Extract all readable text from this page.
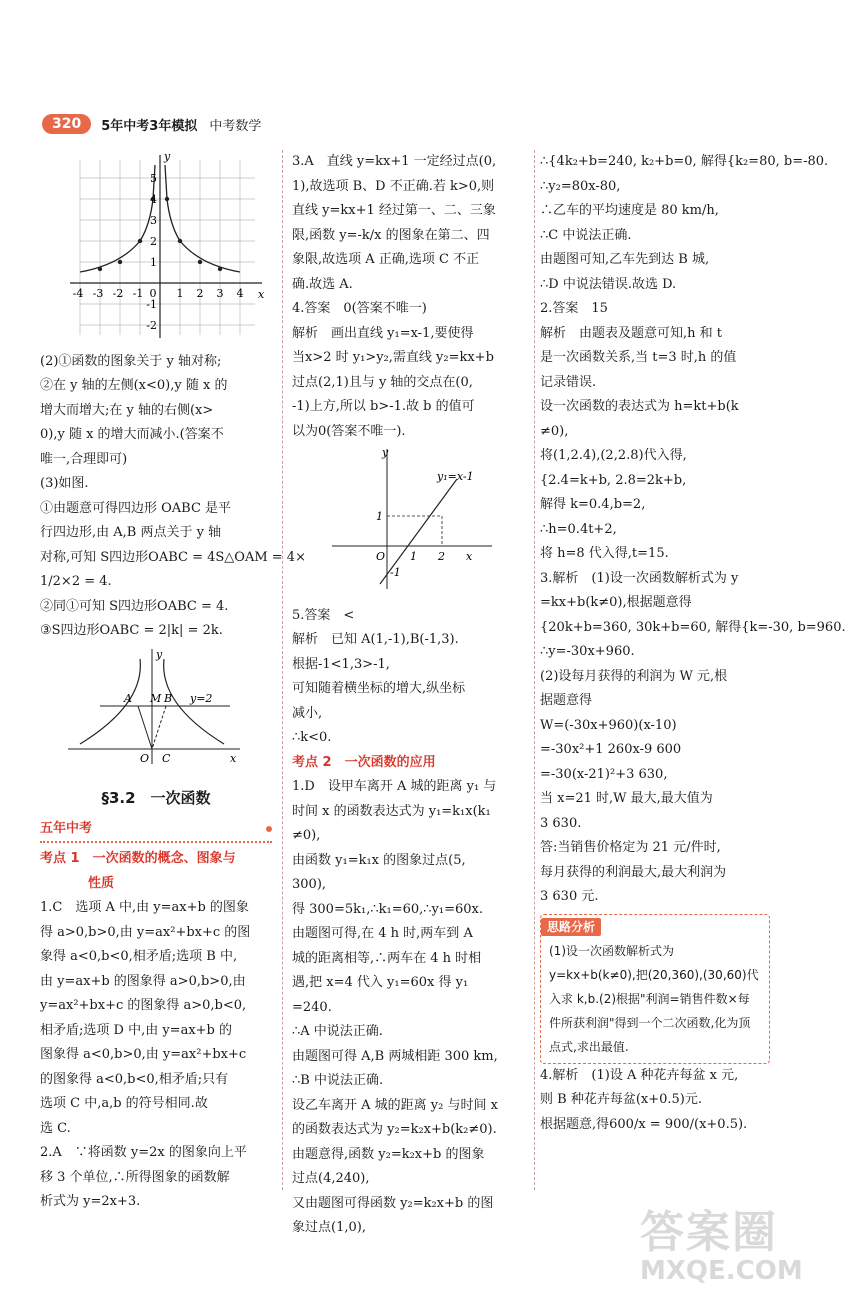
320	5年中考3年模拟 中考数学
y
x
-4 -3 -2 -1 0 1 2 3 4
5
4
3
2
1
-1
-2
(2)①函数的图象关于 y 轴对称;
②在 y 轴的左侧(x<0),y 随 x 的
增大而增大;在 y 轴的右侧(x>
0),y 随 x 的增大而减小.(答案不
唯一,合理即可)
(3)如图.
①由题意可得四边形 OABC 是平
行四边形,由 A,B 两点关于 y 轴
对称,可知 S四边形OABC = 4S△OAM = 4×
1/2×2 = 4.
②同①可知 S四边形OABC = 4.
③S四边形OABC = 2|k| = 2k.
y
A M B y=2
O C	x
§3.2　一次函数
五年中考
考点 1　一次函数的概念、图象与
性质
1.C　选项 A 中,由 y=ax+b 的图象
得 a>0,b>0,由 y=ax²+bx+c 的图
象得 a<0,b<0,相矛盾;选项 B 中,
由 y=ax+b 的图象得 a>0,b>0,由
y=ax²+bx+c 的图象得 a>0,b<0,
相矛盾;选项 D 中,由 y=ax+b 的
图象得 a<0,b>0,由 y=ax²+bx+c
的图象得 a<0,b<0,相矛盾;只有
选项 C 中,a,b 的符号相同.故
选 C.
2.A　∵将函数 y=2x 的图象向上平
移 3 个单位,∴所得图象的函数解
析式为 y=2x+3.
3.A　直线 y=kx+1 一定经过点(0,
1),故选项 B、D 不正确.若 k>0,则
直线 y=kx+1 经过第一、二、三象
限,函数 y=-k/x 的图象在第二、四
象限,故选项 A 正确,选项 C 不正
确.故选 A.
4.答案　0(答案不唯一)
解析　画出直线 y₁=x-1,要使得
当x>2 时 y₁>y₂,需直线 y₂=kx+b
过点(2,1)且与 y 轴的交点在(0,
-1)上方,所以 b>-1.故 b 的值可
以为0(答案不唯一).
y
y₁=x-1
1
O 1 2 x
-1
5.答案　<
解析　已知 A(1,-1),B(-1,3).
根据-1<1,3>-1,
可知随着横坐标的增大,纵坐标
减小,
∴k<0.
考点 2　一次函数的应用
1.D　设甲车离开 A 城的距离 y₁ 与
时间 x 的函数表达式为 y₁=k₁x(k₁
≠0),
由函数 y₁=k₁x 的图象过点(5,
300),
得 300=5k₁,∴k₁=60,∴y₁=60x.
由题图可得,在 4 h 时,两车到 A
城的距离相等,∴两车在 4 h 时相
遇,把 x=4 代入 y₁=60x 得 y₁
=240.
∴A 中说法正确.
由题图可得 A,B 两城相距 300 km,
∴B 中说法正确.
设乙车离开 A 城的距离 y₂ 与时间 x
的函数表达式为 y₂=k₂x+b(k₂≠0).
由题意得,函数 y₂=k₂x+b 的图象
过点(4,240),
又由题图可得函数 y₂=k₂x+b 的图
象过点(1,0),
∴{4k₂+b=240, k₂+b=0, 解得{k₂=80, b=-80.
∴y₂=80x-80,
∴乙车的平均速度是 80 km/h,
∴C 中说法正确.
由题图可知,乙车先到达 B 城,
∴D 中说法错误.故选 D.
2.答案　15
解析　由题表及题意可知,h 和 t
是一次函数关系,当 t=3 时,h 的值
记录错误.
设一次函数的表达式为 h=kt+b(k
≠0),
将(1,2.4),(2,2.8)代入得,
{2.4=k+b, 2.8=2k+b,
解得 k=0.4,b=2,
∴h=0.4t+2,
将 h=8 代入得,t=15.
3.解析　(1)设一次函数解析式为 y
=kx+b(k≠0),根据题意得
{20k+b=360, 30k+b=60, 解得{k=-30, b=960.
∴y=-30x+960.
(2)设每月获得的利润为 W 元,根
据题意得
W=(-30x+960)(x-10)
=-30x²+1 260x-9 600
=-30(x-21)²+3 630,
当 x=21 时,W 最大,最大值为
3 630.
答:当销售价格定为 21 元/件时,
每月获得的利润最大,最大利润为
3 630 元.
思路分析
(1)设一次函数解析式为 y=kx+b(k≠0),把(20,360),(30,60)代入求 k,b.(2)根据"利润=销售件数×每件所获利润"得到一个二次函数,化为顶点式,求出最值.
4.解析　(1)设 A 种花卉每盆 x 元,
则 B 种花卉每盆(x+0.5)元.
根据题意,得600/x = 900/(x+0.5).
答案圈
MXQE.COM
